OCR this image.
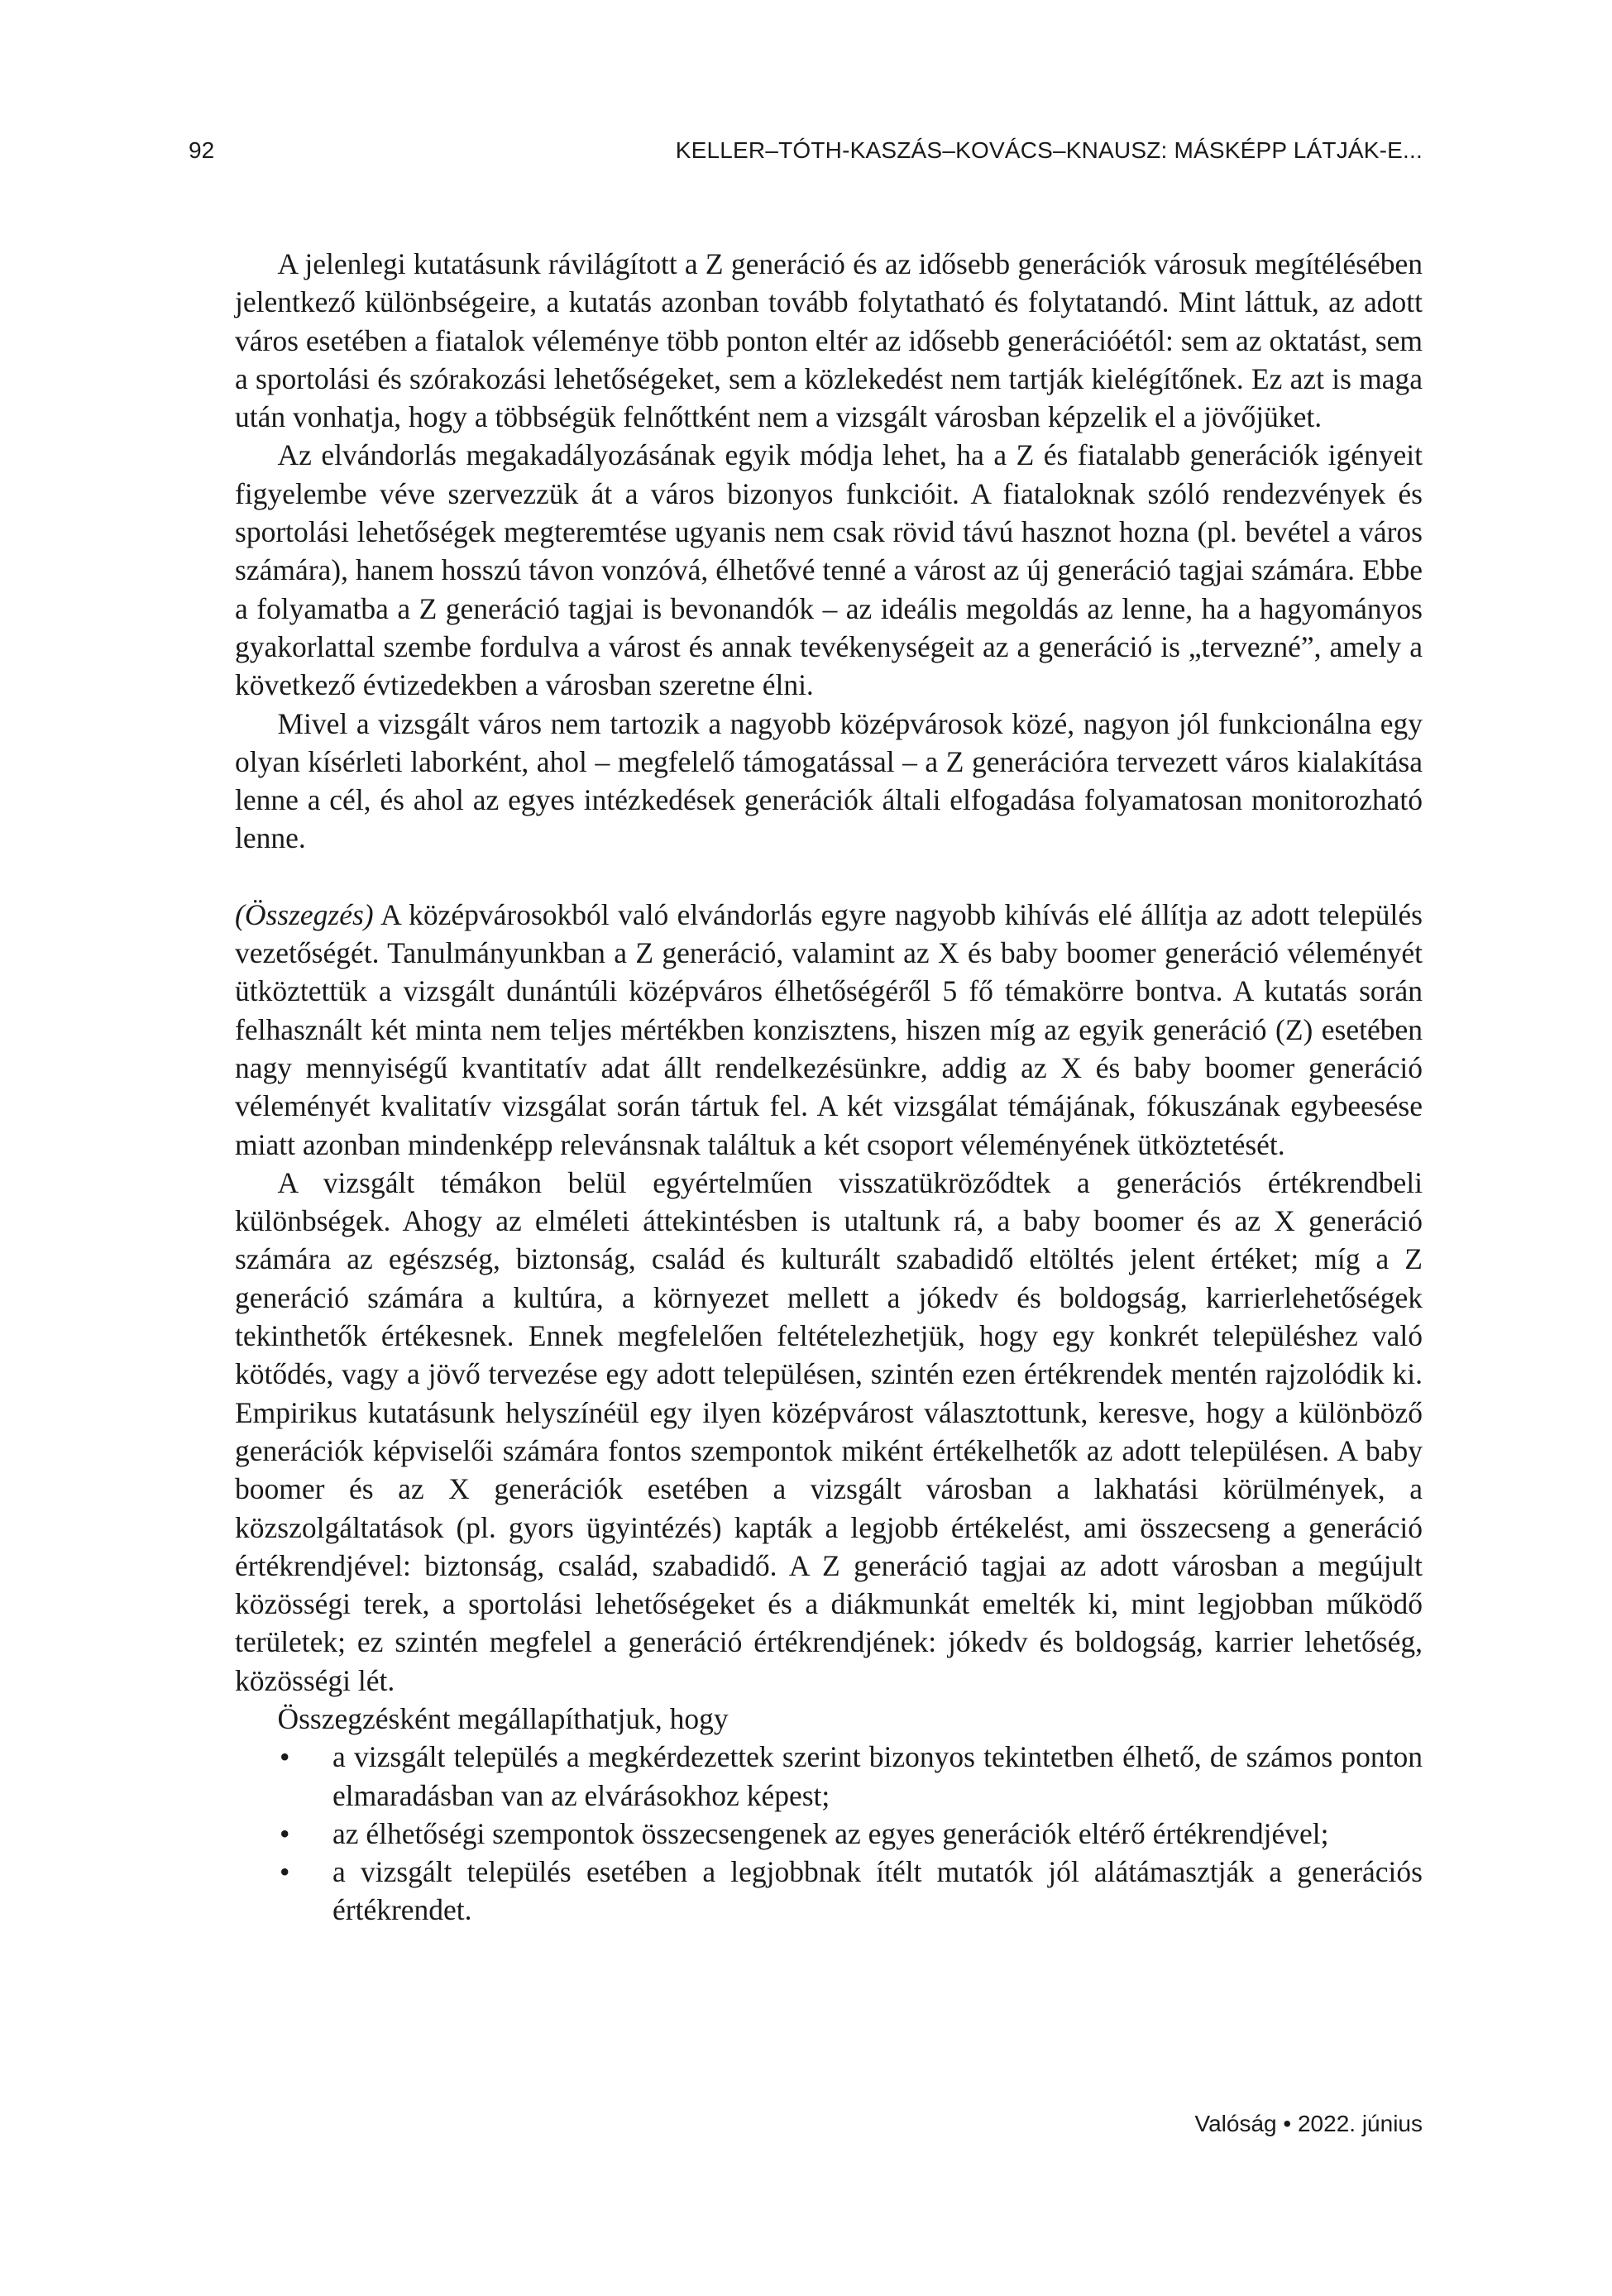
92	KELLER–TÓTH-KASZÁS–KOVÁCS–KNAUSZ: MÁSKÉPP LÁTJÁK-E...

A jelenlegi kutatásunk rávilágított a Z generáció és az idősebb generációk városuk megítélésében jelentkező különbségeire, a kutatás azonban tovább folytatható és folytatandó. Mint láttuk, az adott város esetében a fiatalok véleménye több ponton eltér az idősebb generációétól: sem az oktatást, sem a sportolási és szórakozási lehetőségeket, sem a közlekedést nem tartják kielégítőnek. Ez azt is maga után vonhatja, hogy a többségük felnőttként nem a vizsgált városban képzelik el a jövőjüket.

Az elvándorlás megakadályozásának egyik módja lehet, ha a Z és fiatalabb generációk igényeit figyelembe véve szervezzük át a város bizonyos funkcióit. A fiataloknak szóló rendezvények és sportolási lehetőségek megteremtése ugyanis nem csak rövid távú hasznot hozna (pl. bevétel a város számára), hanem hosszú távon vonzóvá, élhetővé tenné a várost az új generáció tagjai számára. Ebbe a folyamatba a Z generáció tagjai is bevonandók – az ideális megoldás az lenne, ha a hagyományos gyakorlattal szembe fordulva a várost és annak tevékenységeit az a generáció is „tervezné”, amely a következő évtizedekben a városban szeretne élni.

Mivel a vizsgált város nem tartozik a nagyobb középvárosok közé, nagyon jól funkcionálna egy olyan kísérleti laborként, ahol – megfelelő támogatással – a Z generációra tervezett város kialakítása lenne a cél, és ahol az egyes intézkedések generációk általi elfogadása folyamatosan monitorozható lenne.

(Összegzés) A középvárosokból való elvándorlás egyre nagyobb kihívás elé állítja az adott település vezetőségét. Tanulmányunkban a Z generáció, valamint az X és baby boomer generáció véleményét ütköztettük a vizsgált dunántúli középváros élhetőségéről 5 fő témakörre bontva. A kutatás során felhasznált két minta nem teljes mértékben konzisztens, hiszen míg az egyik generáció (Z) esetében nagy mennyiségű kvantitatív adat állt rendelkezésünkre, addig az X és baby boomer generáció véleményét kvalitatív vizsgálat során tártuk fel. A két vizsgálat témájának, fókuszának egybeesése miatt azonban mindenképp relevánsnak találtuk a két csoport véleményének ütköztetését.

A vizsgált témákon belül egyértelműen visszatükröződtek a generációs értékrendbeli különbségek. Ahogy az elméleti áttekintésben is utaltunk rá, a baby boomer és az X generáció számára az egészség, biztonság, család és kulturált szabadidő eltöltés jelent értéket; míg a Z generáció számára a kultúra, a környezet mellett a jókedv és boldogság, karrierlehetőségek tekinthetők értékesnek. Ennek megfelelően feltételezhetjük, hogy egy konkrét településhez való kötődés, vagy a jövő tervezése egy adott településen, szintén ezen értékrendek mentén rajzolódik ki. Empirikus kutatásunk helyszínéül egy ilyen középvárost választottunk, keresve, hogy a különböző generációk képviselői számára fontos szempontok miként értékelhetők az adott településen. A baby boomer és az X generációk esetében a vizsgált városban a lakhatási körülmények, a közszolgáltatások (pl. gyors ügyintézés) kapták a legjobb értékelést, ami összecseng a generáció értékrendjével: biztonság, család, szabadidő. A Z generáció tagjai az adott városban a megújult közösségi terek, a sportolási lehetőségeket és a diákmunkát emelték ki, mint legjobban működő területek; ez szintén megfelel a generáció értékrendjének: jókedv és boldogság, karrier lehetőség, közösségi lét.

Összegzésként megállapíthatjuk, hogy

• a vizsgált település a megkérdezettek szerint bizonyos tekintetben élhető, de számos ponton elmaradásban van az elvárásokhoz képest;
• az élhetőségi szempontok összecsengenek az egyes generációk eltérő értékrendjével;
• a vizsgált település esetében a legjobbnak ítélt mutatók jól alátámasztják a generációs értékrendet.
Valóság • 2022. június
